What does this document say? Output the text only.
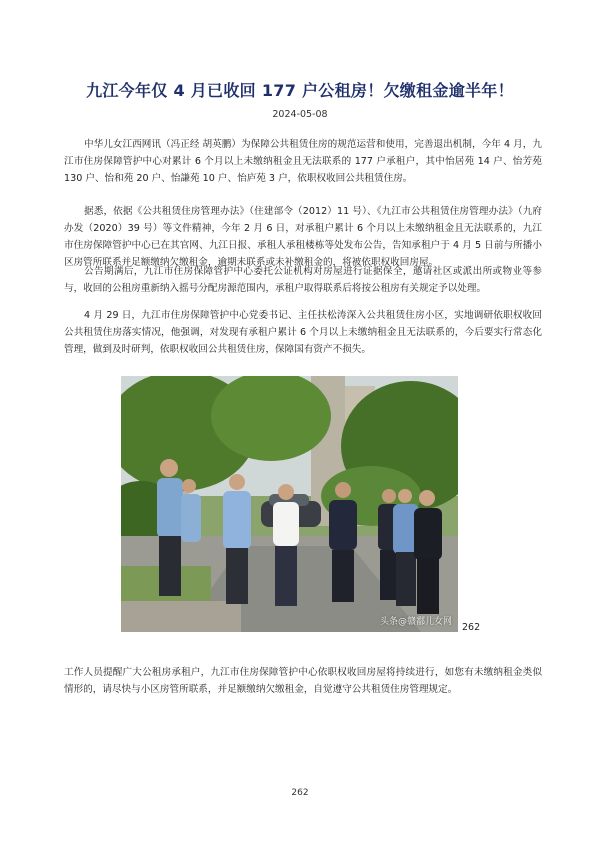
九江今年仅 4 月已收回 177 户公租房！欠缴租金逾半年！
2024-05-08

中华儿女江西网讯（冯正经 胡英鹏）为保障公共租赁住房的规范运营和使用，完善退出机制，今年 4 月，九江市住房保障管护中心对累计 6 个月以上未缴纳租金且无法联系的 177 户承租户，其中怡居苑 14 户、怡芳苑 130 户、怡和苑 20 户、怡謙苑 10 户、怡庐苑 3 户，依职权收回公共租赁住房。

据悉，依据《公共租赁住房管理办法》（住建部令（2012）11 号）、《九江市公共租赁住房管理办法》（九府办发（2020）39 号）等文件精神，今年 2 月 6 日，对承租户累计 6 个月以上未缴纳租金且无法联系的，九江市住房保障管护中心已在其官网、九江日报、承租人承租楼栋等处发布公告，告知承租户于 4 月 5 日前与所播小区房管所联系并足额缴纳欠缴租金，逾期未联系或未补缴租金的，将被依职权收回房屋。

公告期满后，九江市住房保障管护中心委托公证机构对房屋进行证据保全，邀请社区或派出所或物业等参与，收回的公租房重新纳入摇号分配房源范围内，承租户取得联系后将按公租房有关规定予以处理。

4 月 29 日，九江市住房保障管护中心党委书记、主任扶松涛深入公共租赁住房小区，实地调研依职权收回公共租赁住房落实情况，他强调，对发现有承租户累计 6 个月以上未缴纳租金且无法联系的，今后要实行常态化管理，做到及时研判，依职权收回公共租赁住房，保障国有资产不损失。

头条@赣鄱儿女网 262

工作人员提醒广大公租房承租户，九江市住房保障管护中心依职权收回房屋将持续进行，如您有未缴纳租金类似情形的，请尽快与小区房管所联系，并足额缴纳欠缴租金，自觉遵守公共租赁住房管理规定。

262
